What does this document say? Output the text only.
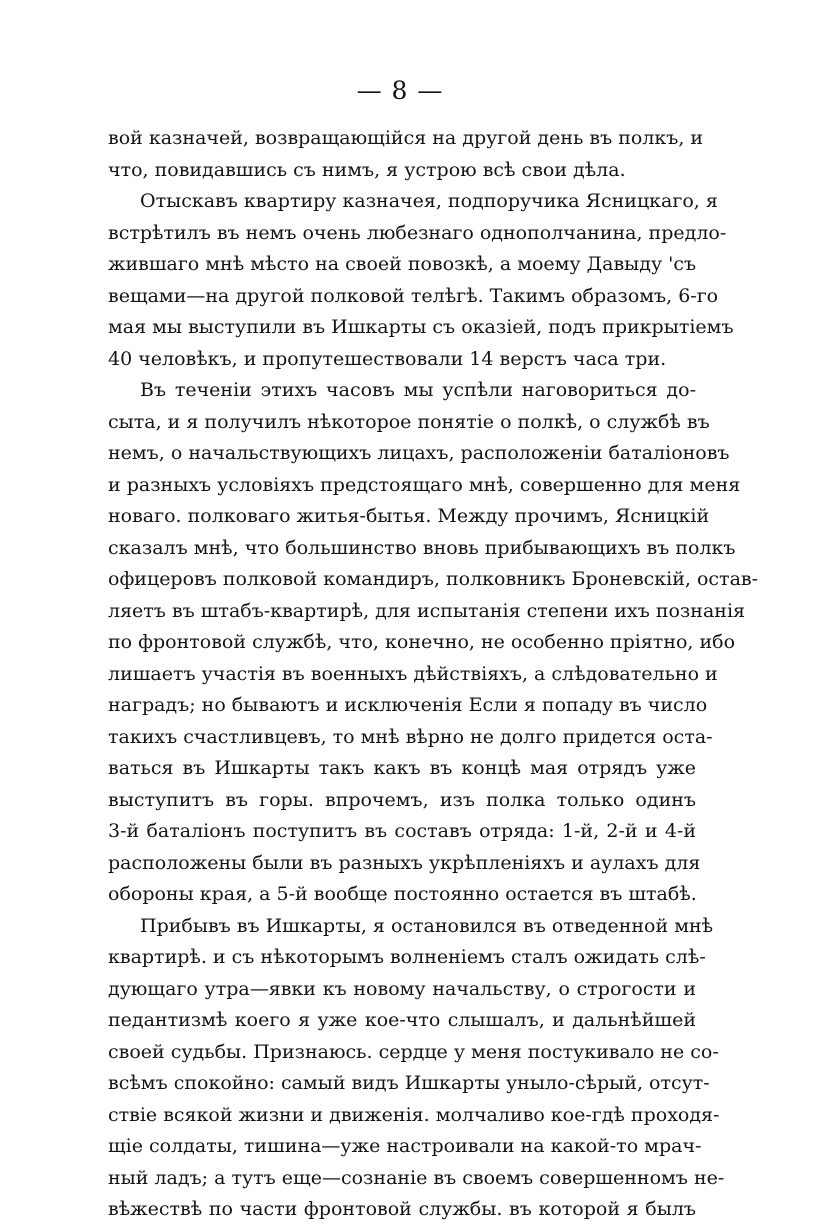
— 8 —
вой казначей, возвращающійся на другой день въ полкъ, и
что, повидавшись съ нимъ, я устрою всѣ свои дѣла.
Отыскавъ квартиру казначея, подпоручика Ясницкаго, я
встрѣтилъ въ немъ очень любезнаго однополчанина, предло-
жившаго мнѣ мѣсто на своей повозкѣ, а моему Давыду 'съ
вещами—на другой полковой телѣгѣ. Такимъ образомъ, 6-го
мая мы выступили въ Ишкарты съ оказіей, подъ прикрытіемъ
40 человѣкъ, и пропутешествовали 14 верстъ часа три.
Въ теченіи этихъ часовъ мы успѣли наговориться до-
сыта, и я получилъ нѣкоторое понятіе о полкѣ, о службѣ въ
немъ, о начальствующихъ лицахъ, расположеніи баталіоновъ
и разныхъ условіяхъ предстоящаго мнѣ, совершенно для меня
новаго. полковаго житья-бытья. Между прочимъ, Ясницкій
сказалъ мнѣ, что большинство вновь прибывающихъ въ полкъ
офицеровъ полковой командиръ, полковникъ Броневскій, остав-
ляетъ въ штабъ-квартирѣ, для испытанія степени ихъ познанія
по фронтовой службѣ, что, конечно, не особенно пріятно, ибо
лишаетъ участія въ военныхъ дѣйствіяхъ, а слѣдовательно и
наградъ; но бываютъ и исключенія Если я попаду въ число
такихъ счастливцевъ, то мнѣ вѣрно не долго придется оста-
ваться въ Ишкарты такъ какъ въ концѣ мая отрядъ уже
выступитъ въ горы. впрочемъ, изъ полка только одинъ
3-й баталіонъ поступитъ въ составъ отряда: 1-й, 2-й и 4-й
расположены были въ разныхъ укрѣпленіяхъ и аулахъ для
обороны края, а 5-й вообще постоянно остается въ штабѣ.
Прибывъ въ Ишкарты, я остановился въ отведенной мнѣ
квартирѣ. и съ нѣкоторымъ волненіемъ сталъ ожидать слѣ-
дующаго утра—явки къ новому начальству, о строгости и
педантизмѣ коего я уже кое-что слышалъ, и дальнѣйшей
своей судьбы. Признаюсь. сердце у меня постукивало не со-
всѣмъ спокойно: самый видъ Ишкарты унылo-сѣрый, отсут-
ствіе всякой жизни и движенія. молчаливо кое-гдѣ проходя-
щіе солдаты, тишина—уже настроивали на какой-то мрач-
ный ладъ; а тутъ еще—сознаніе въ своемъ совершенномъ не-
вѣжествѣ по части фронтовой службы. въ которой я былъ
